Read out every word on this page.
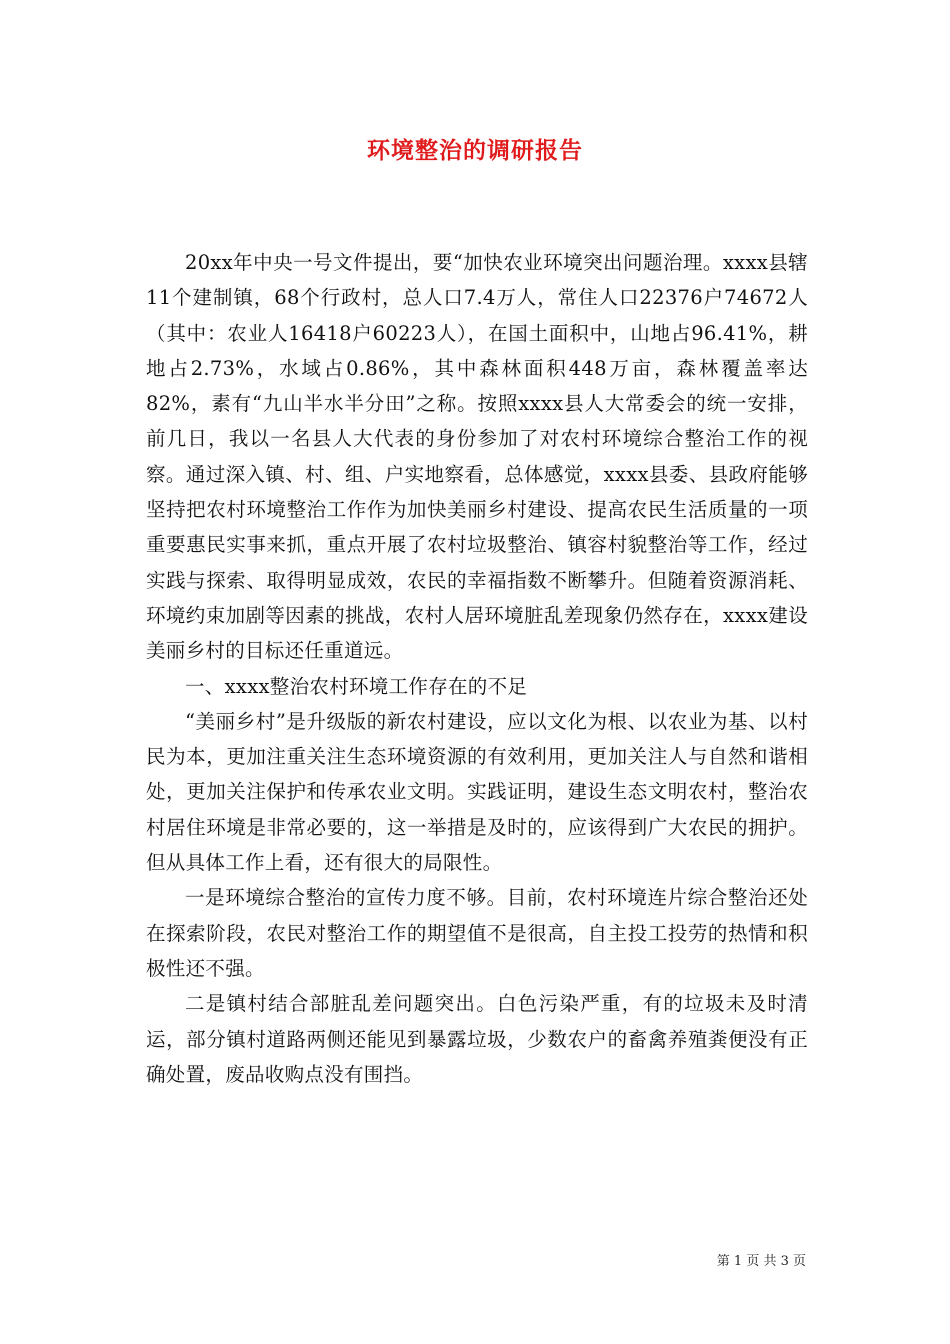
环境整治的调研报告

20xx年中央一号文件提出，要“加快农业环境突出问题治理。xxxx县辖11个建制镇，68个行政村，总人口7.4万人，常住人口22376户74672人（其中：农业人16418户60223人），在国土面积中，山地占96.41%，耕地占2.73%，水域占0.86%，其中森林面积448万亩，森林覆盖率达82%，素有“九山半水半分田”之称。按照xxxx县人大常委会的统一安排，前几日，我以一名县人大代表的身份参加了对农村环境综合整治工作的视察。通过深入镇、村、组、户实地察看，总体感觉，xxxx县委、县政府能够坚持把农村环境整治工作作为加快美丽乡村建设、提高农民生活质量的一项重要惠民实事来抓，重点开展了农村垃圾整治、镇容村貌整治等工作，经过实践与探索、取得明显成效，农民的幸福指数不断攀升。但随着资源消耗、环境约束加剧等因素的挑战，农村人居环境脏乱差现象仍然存在，xxxx建设美丽乡村的目标还任重道远。

一、xxxx整治农村环境工作存在的不足

“美丽乡村”是升级版的新农村建设，应以文化为根、以农业为基、以村民为本，更加注重关注生态环境资源的有效利用，更加关注人与自然和谐相处，更加关注保护和传承农业文明。实践证明，建设生态文明农村，整治农村居住环境是非常必要的，这一举措是及时的，应该得到广大农民的拥护。但从具体工作上看，还有很大的局限性。

一是环境综合整治的宣传力度不够。目前，农村环境连片综合整治还处在探索阶段，农民对整治工作的期望值不是很高，自主投工投劳的热情和积极性还不强。

二是镇村结合部脏乱差问题突出。白色污染严重，有的垃圾未及时清运，部分镇村道路两侧还能见到暴露垃圾，少数农户的畜禽养殖粪便没有正确处置，废品收购点没有围挡。

第 1 页 共 3 页
